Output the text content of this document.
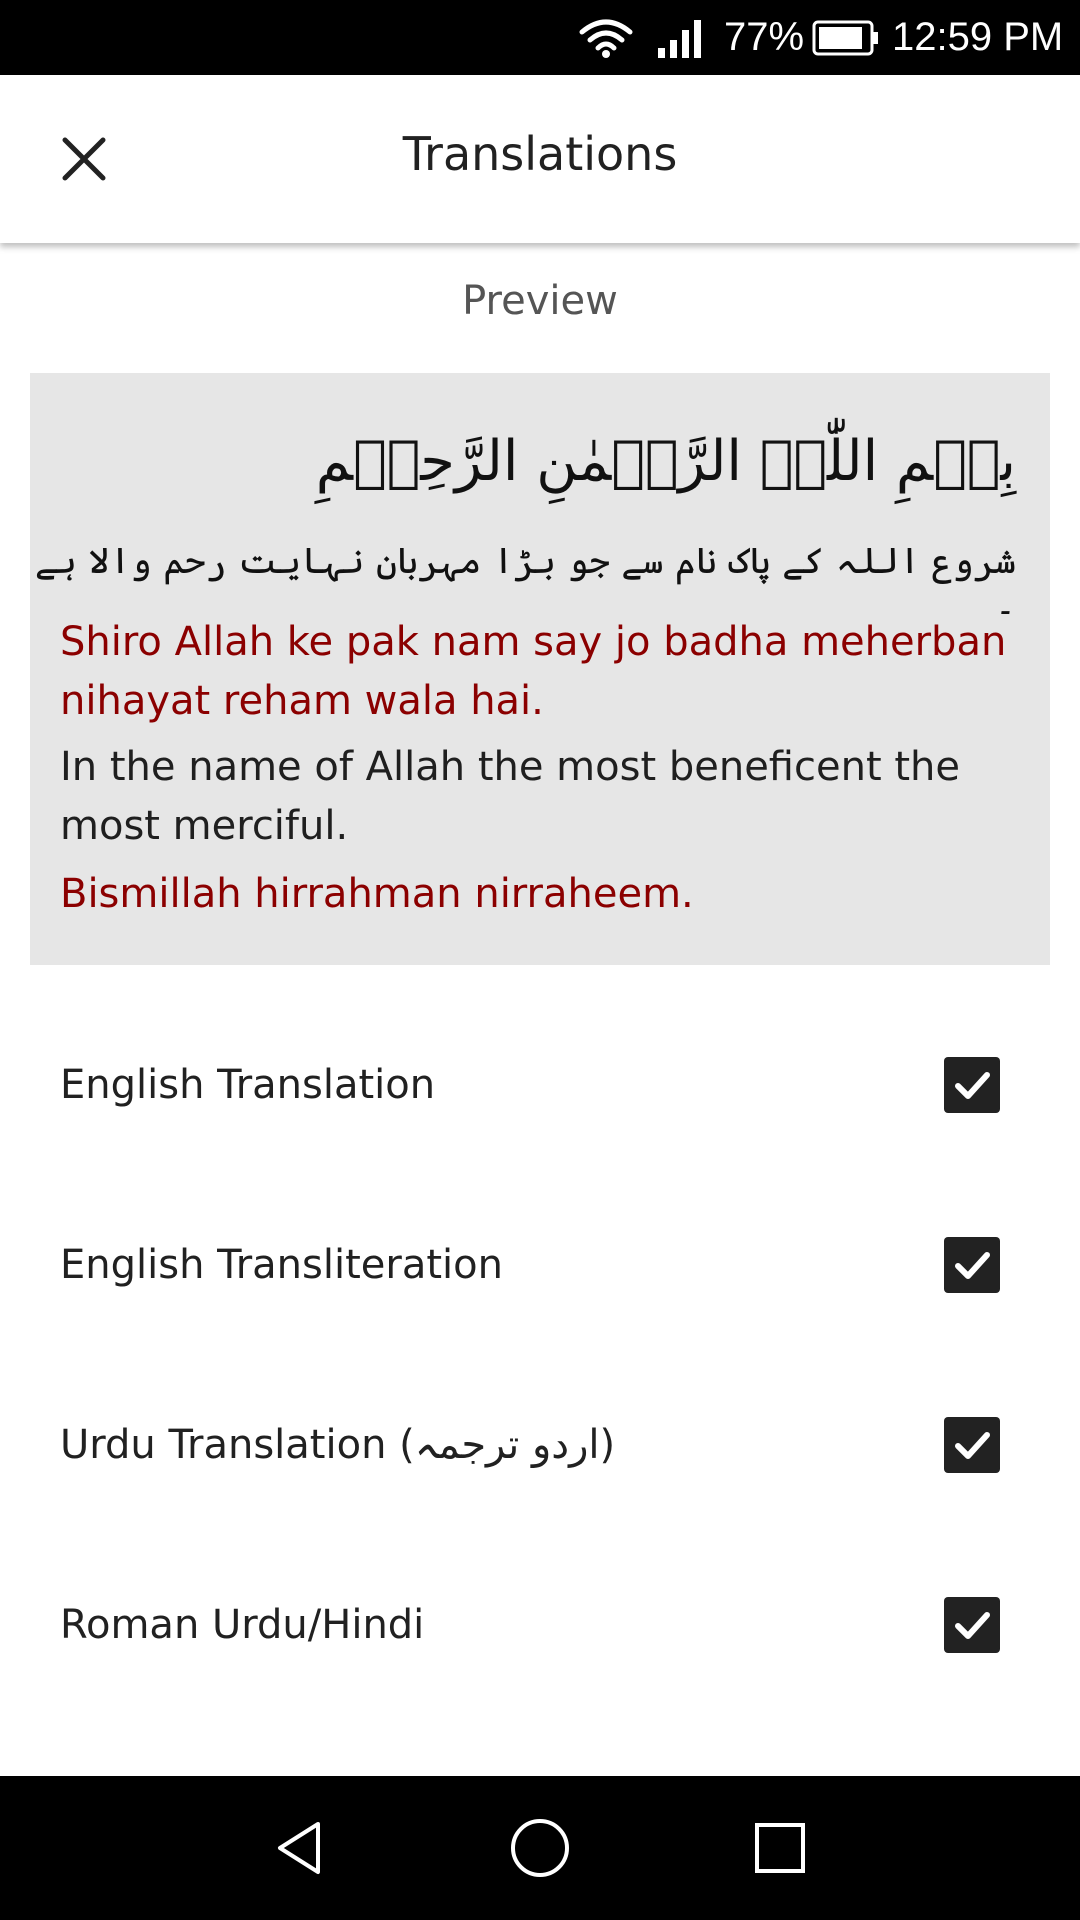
77% 12:59 PM
Translations
Preview
بِسۡمِ اللّٰہِ الرَّحۡمٰنِ الرَّحِیۡمِ
شروع اللہ کے پاک نام سے جو بڑا مہربان نہایت رحم والا ہے ۔
Shiro Allah ke pak nam say jo badha meherban nihayat reham wala hai.
In the name of Allah the most beneficent the most merciful.
Bismillah hirrahman nirraheem.
English Translation
English Transliteration
Urdu Translation (اردو ترجمہ)
Roman Urdu/Hindi
